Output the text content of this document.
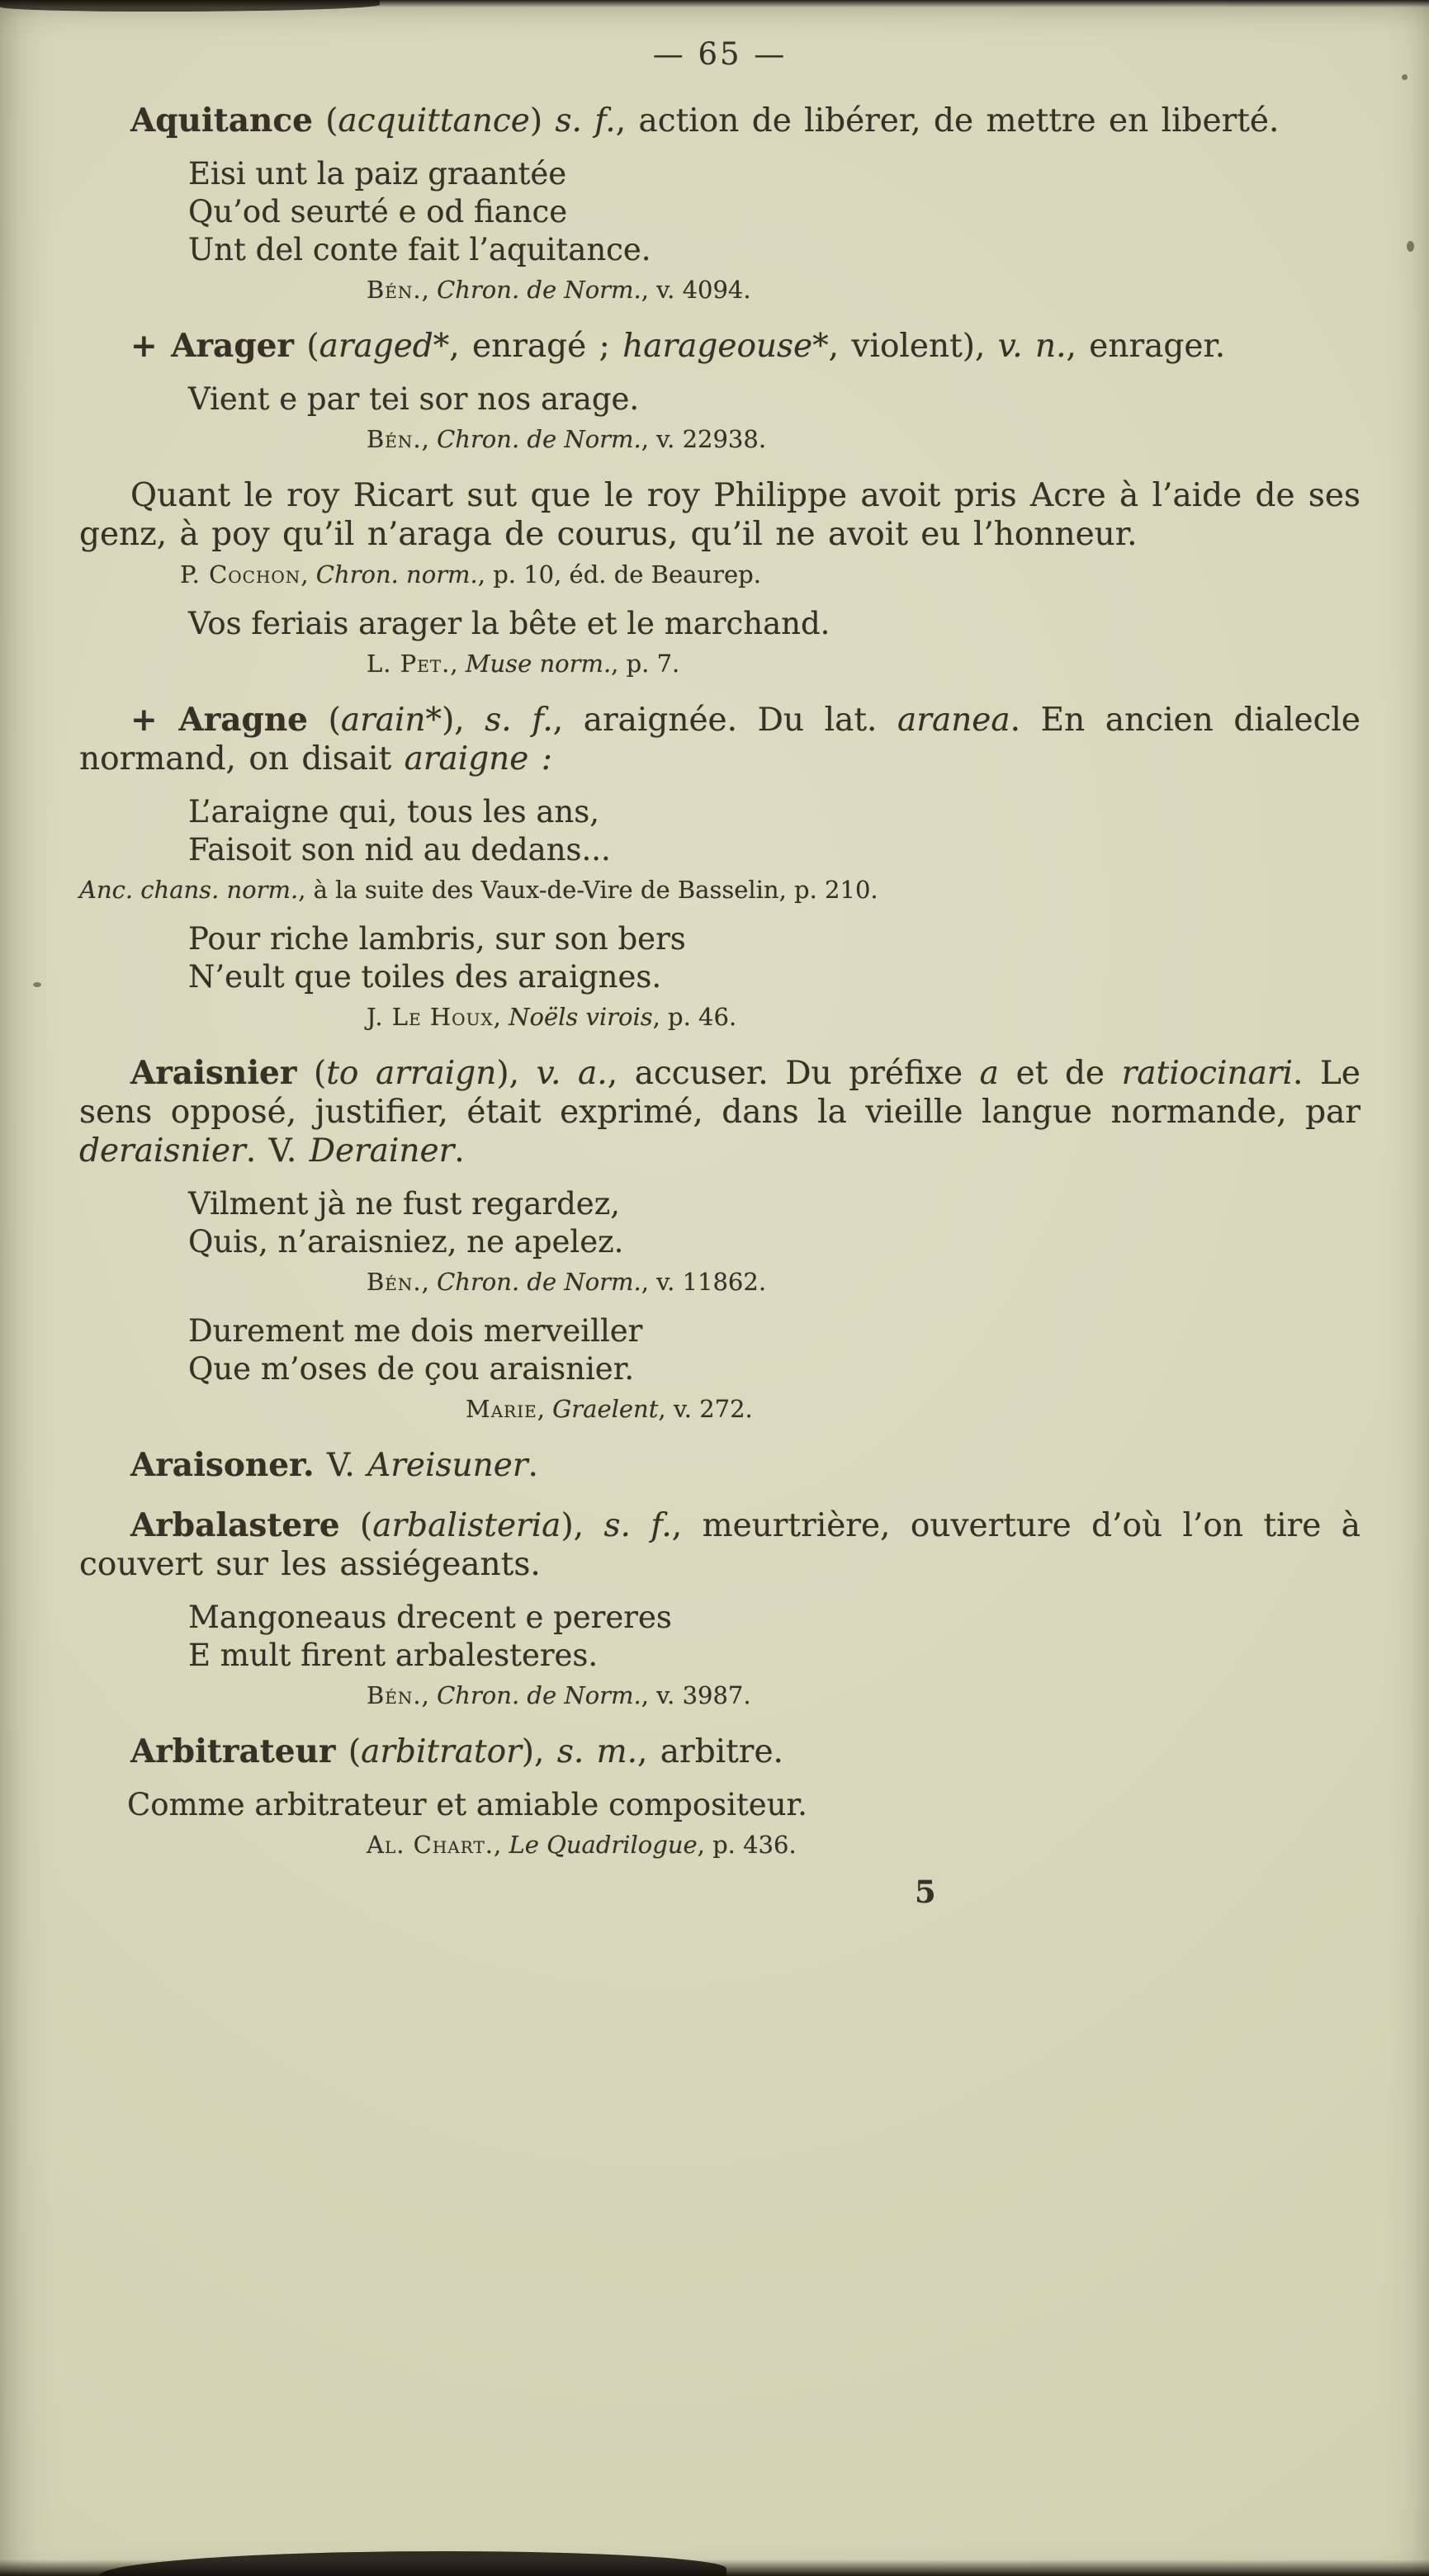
— 65 —

Aquitance (acquittance) s. f., action de libérer, de mettre en liberté.

Eisi unt la paiz graantée
Qu’od seurté e od fiance
Unt del conte fait l’aquitance.
Bén., Chron. de Norm., v. 4094.

+ Arager (araged*, enragé ; harageouse*, violent), v. n., enrager.

Vient e par tei sor nos arage.
Bén., Chron. de Norm., v. 22938.

Quant le roy Ricart sut que le roy Philippe avoit pris Acre à l’aide de ses genz, à poy qu’il n’araga de courus, qu’il ne avoit eu l’honneur.

P. Cochon, Chron. norm., p. 10, éd. de Beaurep.
Vos feriais arager la bête et le marchand.
L. Pet., Muse norm., p. 7.

+ Aragne (arain*), s. f., araignée. Du lat. aranea. En ancien dialecle normand, on disait araigne :

L’araigne qui, tous les ans,
Faisoit son nid au dedans...
Anc. chans. norm., à la suite des Vaux-de-Vire de Basselin, p. 210.
Pour riche lambris, sur son bers
N’eult que toiles des araignes.
J. Le Houx, Noëls virois, p. 46.

Araisnier (to arraign), v. a., accuser. Du préfixe a et de ratiocinari. Le sens opposé, justifier, était exprimé, dans la vieille langue normande, par deraisnier. V. Derainer.

Vilment jà ne fust regardez,
Quis, n’araisniez, ne apelez.
Bén., Chron. de Norm., v. 11862.
Durement me dois merveiller
Que m’oses de çou araisnier.
Marie, Graelent, v. 272.

Araisoner. V. Areisuner.

Arbalastere (arbalisteria), s. f., meurtrière, ouverture d’où l’on tire à couvert sur les assiégeants.

Mangoneaus drecent e pereres
E mult firent arbalesteres.
Bén., Chron. de Norm., v. 3987.

Arbitrateur (arbitrator), s. m., arbitre.

Comme arbitrateur et amiable compositeur.
Al. Chart., Le Quadrilogue, p. 436.
5
